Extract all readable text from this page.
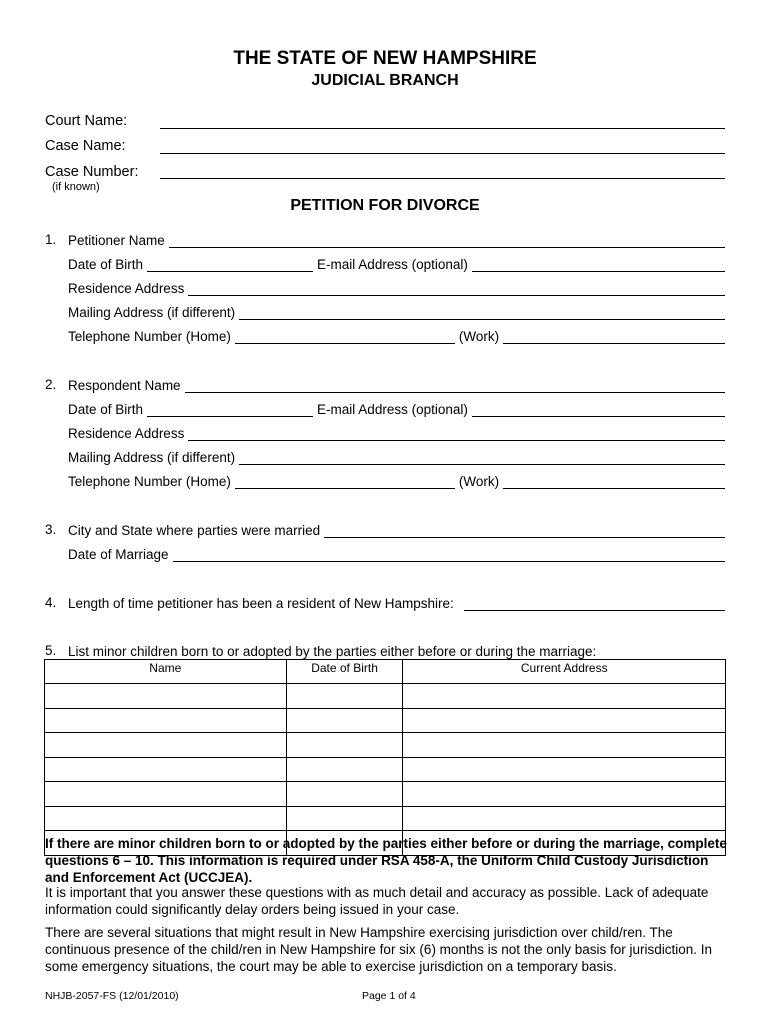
THE STATE OF NEW HAMPSHIRE
JUDICIAL BRANCH
Court Name:
Case Name:
Case Number:
(if known)
PETITION FOR DIVORCE
1. Petitioner Name
Date of Birth	E-mail Address (optional)
Residence Address
Mailing Address (if different)
Telephone Number (Home)	(Work)
2. Respondent Name
Date of Birth	E-mail Address (optional)
Residence Address
Mailing Address (if different)
Telephone Number (Home)	(Work)
3. City and State where parties were married
Date of Marriage
4. Length of time petitioner has been a resident of New Hampshire:
5. List minor children born to or adopted by the parties either before or during the marriage:
Name	Date of Birth	Current Address

If there are minor children born to or adopted by the parties either before or during the marriage, complete questions 6 – 10. This information is required under RSA 458-A, the Uniform Child Custody Jurisdiction and Enforcement Act (UCCJEA).
It is important that you answer these questions with as much detail and accuracy as possible. Lack of adequate information could significantly delay orders being issued in your case.
There are several situations that might result in New Hampshire exercising jurisdiction over child/ren. The continuous presence of the child/ren in New Hampshire for six (6) months is not the only basis for jurisdiction. In some emergency situations, the court may be able to exercise jurisdiction on a temporary basis.
NHJB-2057-FS (12/01/2010)	Page 1 of 4
